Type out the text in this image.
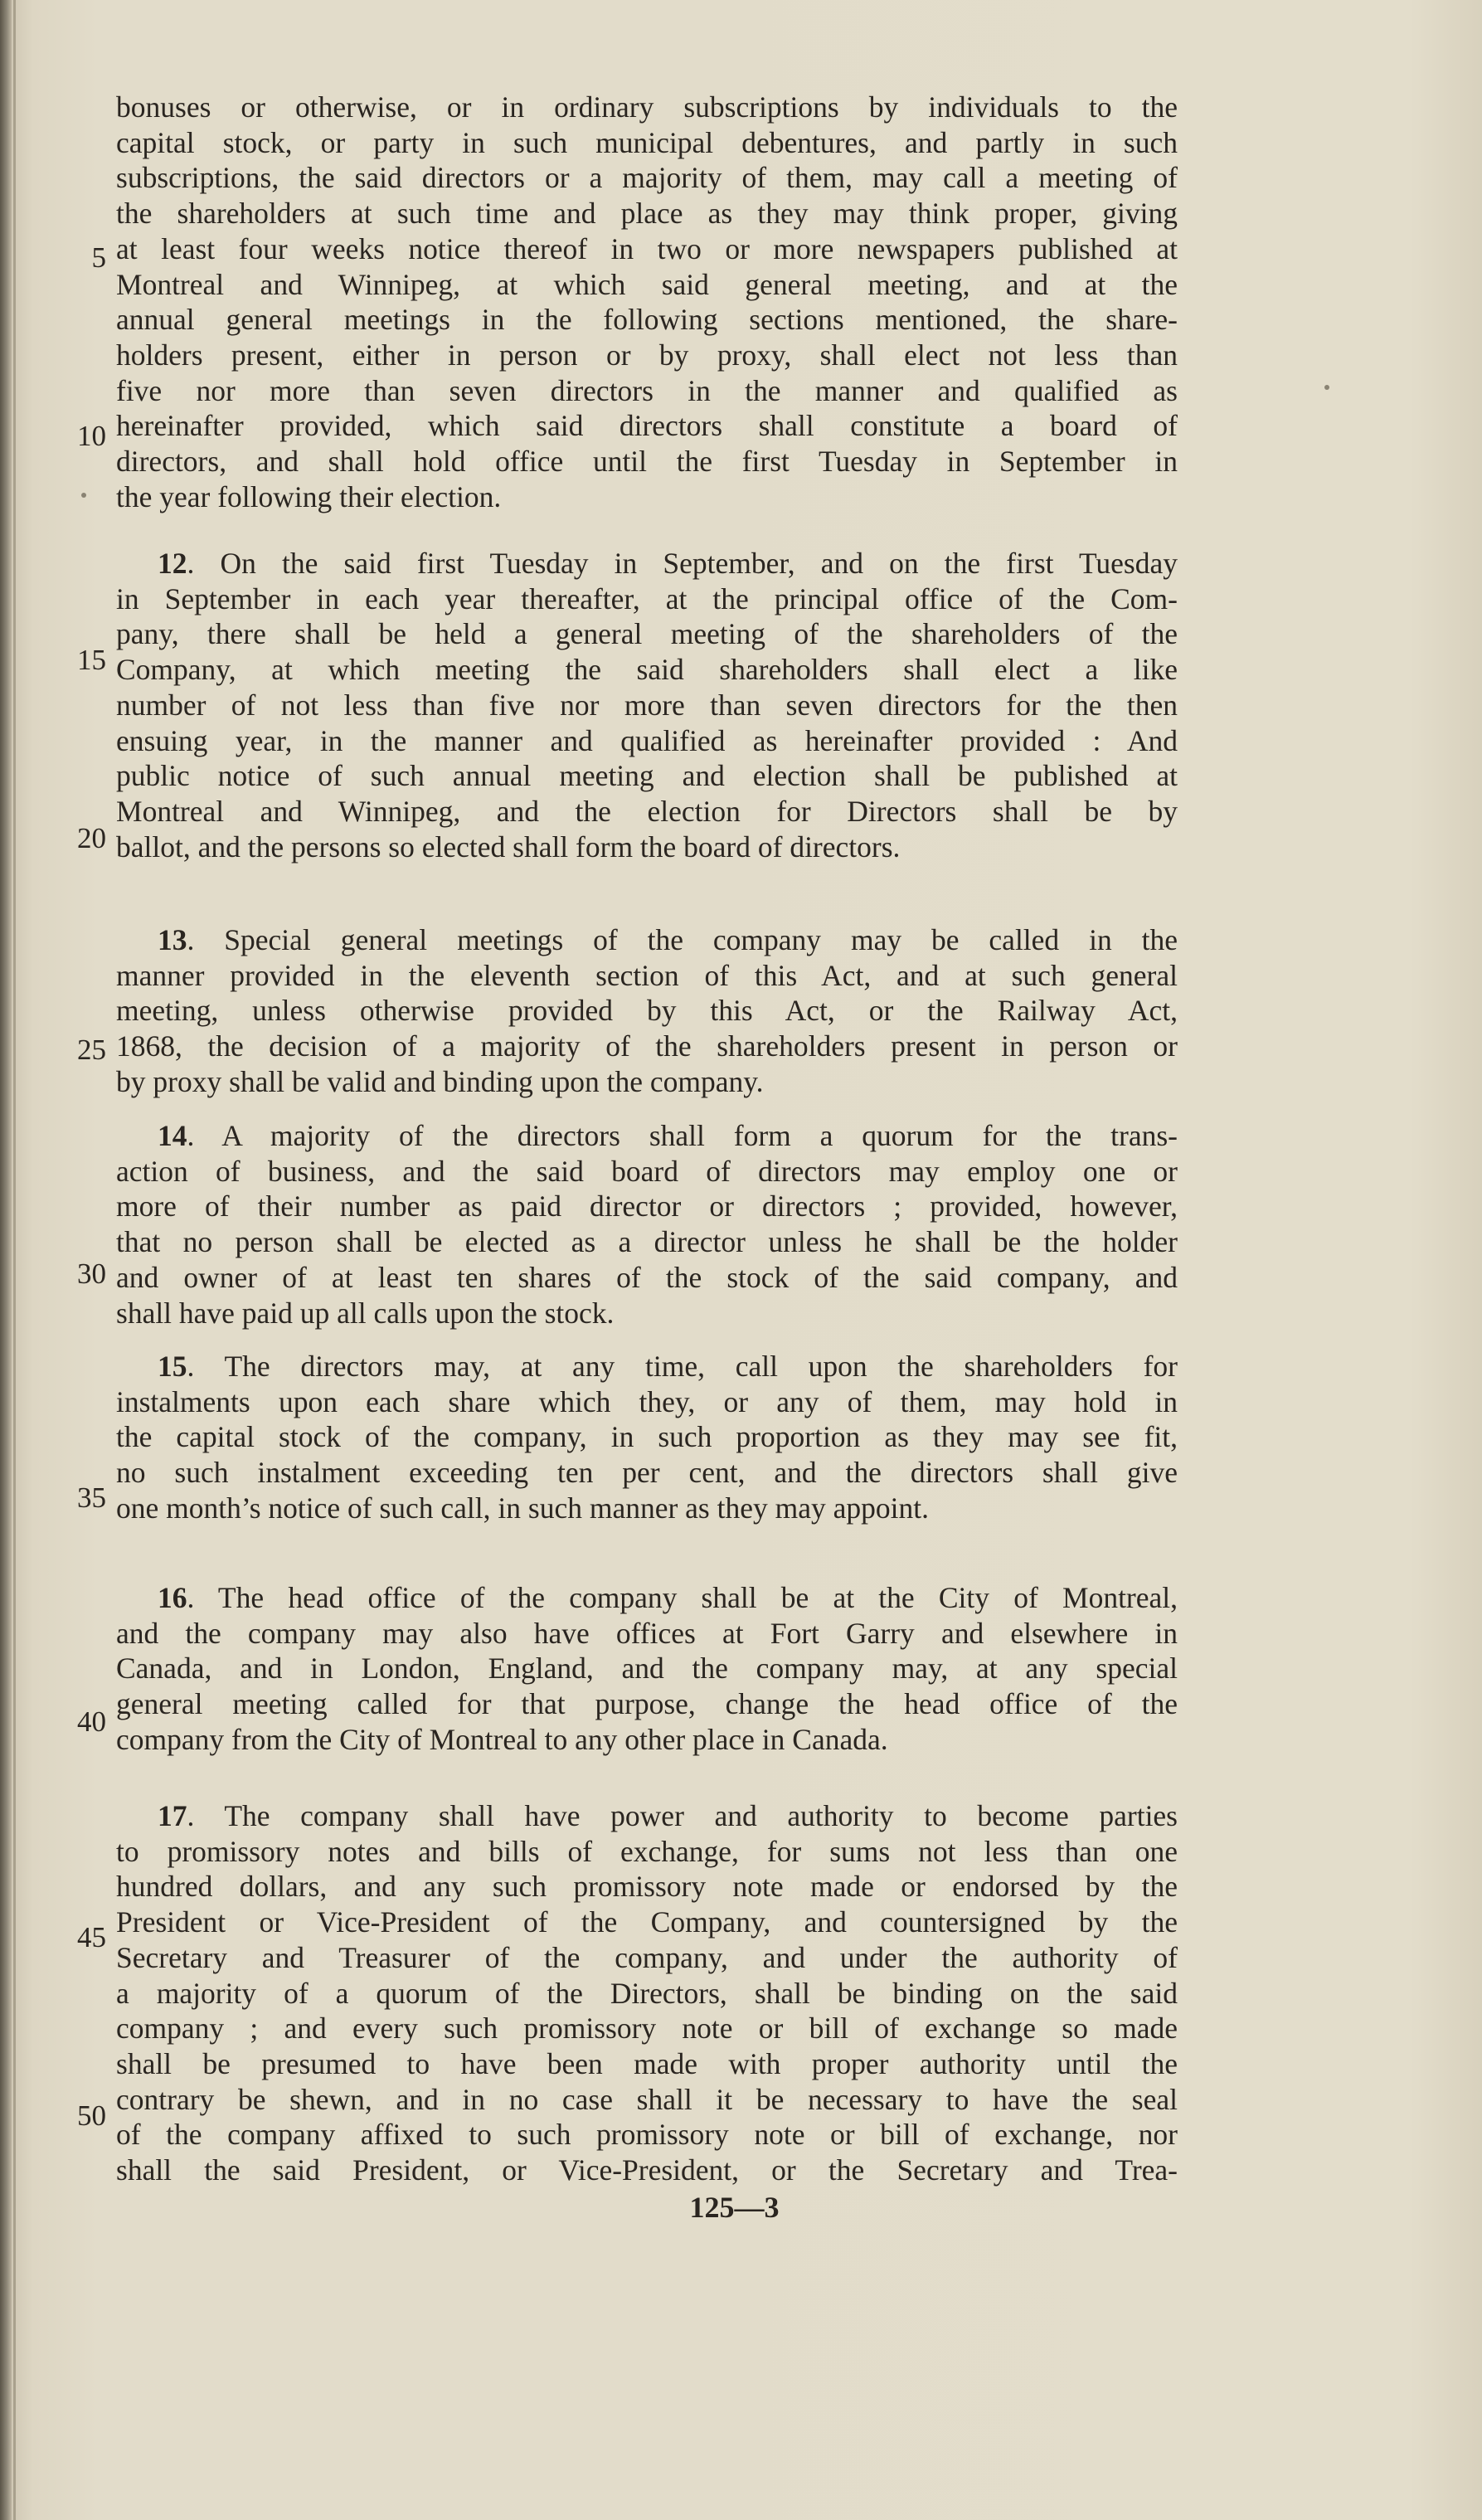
bonuses or otherwise, or in ordinary subscriptions by individuals to the
capital stock, or party in such municipal debentures, and partly in such
subscriptions, the said directors or a majority of them, may call a meeting of
the shareholders at such time and place as they may think proper, giving
at least four weeks notice thereof in two or more newspapers published at
Montreal and Winnipeg, at which said general meeting, and at the
annual general meetings in the following sections mentioned, the share-
holders present, either in person or by proxy, shall elect not less than
five nor more than seven directors in the manner and qualified as
hereinafter provided, which said directors shall constitute a board of
directors, and shall hold office until the first Tuesday in September in
the year following their election.
12. On the said first Tuesday in September, and on the first Tuesday
in September in each year thereafter, at the principal office of the Com-
pany, there shall be held a general meeting of the shareholders of the
Company, at which meeting the said shareholders shall elect a like
number of not less than five nor more than seven directors for the then
ensuing year, in the manner and qualified as hereinafter provided : And
public notice of such annual meeting and election shall be published at
Montreal and Winnipeg, and the election for Directors shall be by
ballot, and the persons so elected shall form the board of directors.
13. Special general meetings of the company may be called in the
manner provided in the eleventh section of this Act, and at such general
meeting, unless otherwise provided by this Act, or the Railway Act,
1868, the decision of a majority of the shareholders present in person or
by proxy shall be valid and binding upon the company.
14. A majority of the directors shall form a quorum for the trans-
action of business, and the said board of directors may employ one or
more of their number as paid director or directors ; provided, however,
that no person shall be elected as a director unless he shall be the holder
and owner of at least ten shares of the stock of the said company, and
shall have paid up all calls upon the stock.
15. The directors may, at any time, call upon the shareholders for
instalments upon each share which they, or any of them, may hold in
the capital stock of the company, in such proportion as they may see fit,
no such instalment exceeding ten per cent, and the directors shall give
one month’s notice of such call, in such manner as they may appoint.
16. The head office of the company shall be at the City of Montreal,
and the company may also have offices at Fort Garry and elsewhere in
Canada, and in London, England, and the company may, at any special
general meeting called for that purpose, change the head office of the
company from the City of Montreal to any other place in Canada.
17. The company shall have power and authority to become parties
to promissory notes and bills of exchange, for sums not less than one
hundred dollars, and any such promissory note made or endorsed by the
President or Vice-President of the Company, and countersigned by the
Secretary and Treasurer of the company, and under the authority of
a majority of a quorum of the Directors, shall be binding on the said
company ; and every such promissory note or bill of exchange so made
shall be presumed to have been made with proper authority until the
contrary be shewn, and in no case shall it be necessary to have the seal
of the company affixed to such promissory note or bill of exchange, nor
shall the said President, or Vice-President, or the Secretary and Trea-
5
10
15
20
25
30
35
40
45
50
125—3
